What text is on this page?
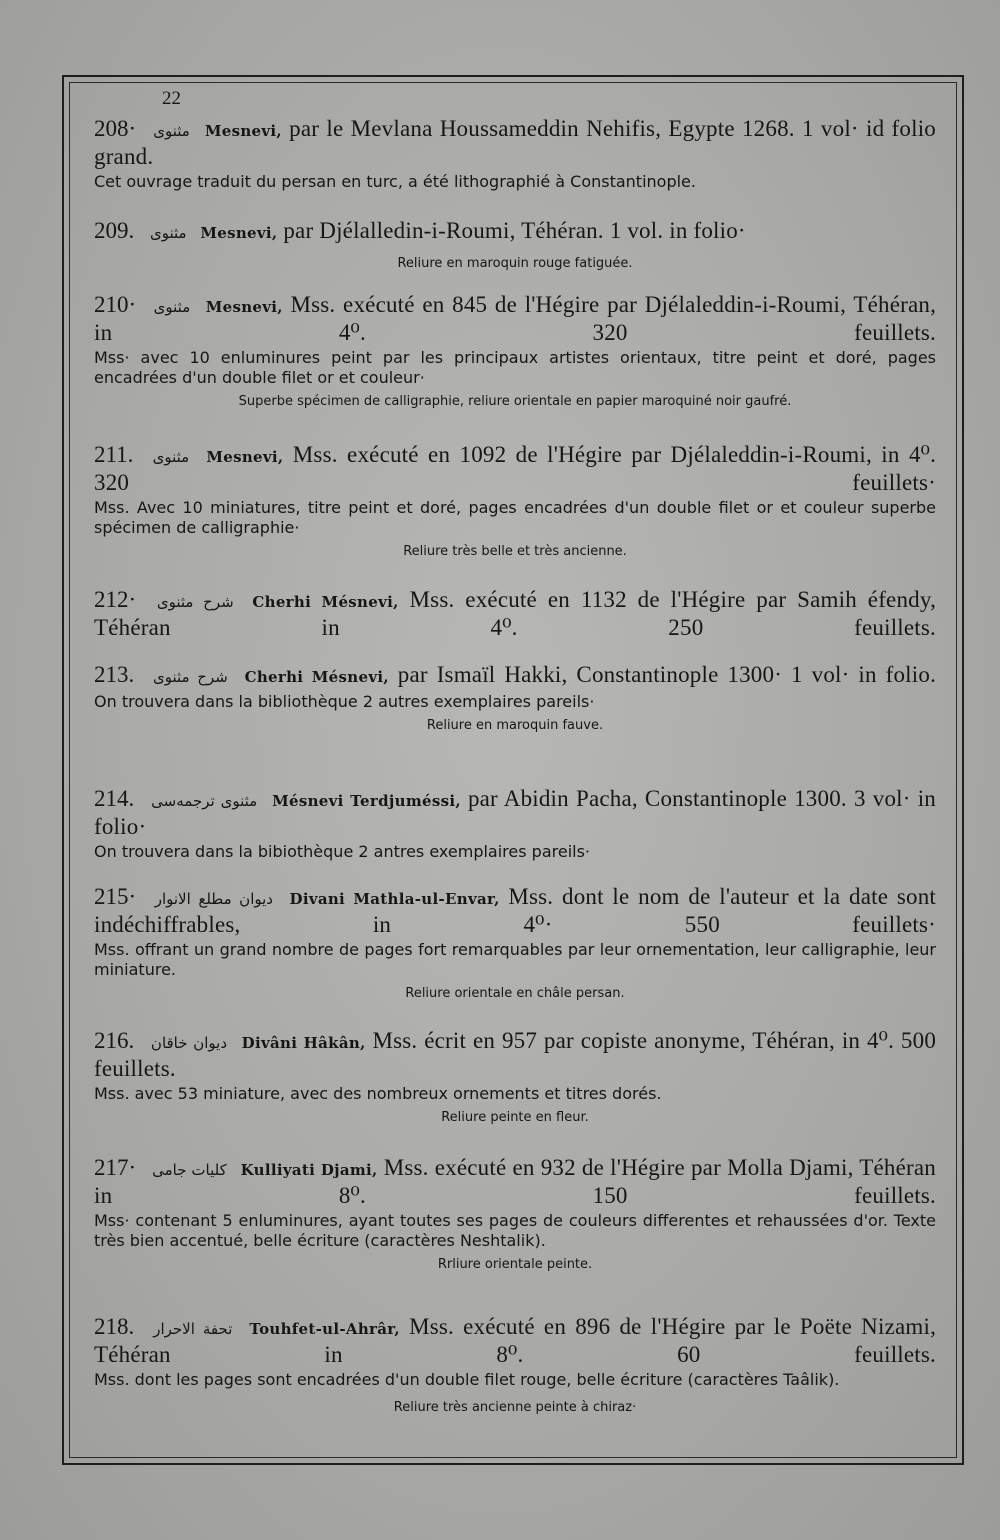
22
208· مثنوى Mesnevi, par le Mevlana Houssameddin Nehifis, Egypte 1268. 1 vol· id folio grand.
Cet ouvrage traduit du persan en turc, a été lithographié à Constantinople.
209. مثنوى Mesnevi, par Djélalledin-i-Roumi, Téhéran. 1 vol. in folio·
Reliure en maroquin rouge fatiguée.
210· مثنوى Mesnevi, Mss. exécuté en 845 de l'Hégire par Djélaleddin-i-Roumi, Téhéran, in 4⁰. 320 feuillets.
Mss· avec 10 enluminures peint par les principaux artistes orientaux, titre peint et doré, pages encadrées d'un double filet or et couleur·
Superbe spécimen de calligraphie, reliure orientale en papier maroquiné noir gaufré.
211. مثنوى Mesnevi, Mss. exécuté en 1092 de l'Hégire par Djélaleddin-i-Roumi, in 4⁰. 320 feuillets·
Mss. Avec 10 miniatures, titre peint et doré, pages encadrées d'un double filet or et couleur superbe spécimen de calligraphie·
Reliure très belle et très ancienne.
212· شرح مثنوى Cherhi Mésnevi, Mss. exécuté en 1132 de l'Hégire par Samih éfendy, Téhéran in 4⁰. 250 feuillets.
213. شرح مثنوى Cherhi Mésnevi, par Ismaïl Hakki, Constantinople 1300· 1 vol· in folio.
On trouvera dans la bibliothèque 2 autres exemplaires pareils·
Reliure en maroquin fauve.
214. مثنوى ترجمه‌سى Mésnevi Terdjuméssi, par Abidin Pacha, Constantinople 1300. 3 vol· in folio·
On trouvera dans la bibiothèque 2 antres exemplaires pareils·
215· ديوان مطلع الانوار Divani Mathla-ul-Envar, Mss. dont le nom de l'auteur et la date sont indéchiffrables, in 4⁰· 550 feuillets·
Mss. offrant un grand nombre de pages fort remarquables par leur ornementation, leur calligraphie, leur miniature.
Reliure orientale en châle persan.
216. ديوان خاقان Divâni Hâkân, Mss. écrit en 957 par copiste anonyme, Téhéran, in 4⁰. 500 feuillets.
Mss. avec 53 miniature, avec des nombreux ornements et titres dorés.
Reliure peinte en fleur.
217· كليات جامى Kulliyati Djami, Mss. exécuté en 932 de l'Hégire par Molla Djami, Téhéran in 8⁰. 150 feuillets.
Mss· contenant 5 enluminures, ayant toutes ses pages de couleurs differentes et rehaussées d'or. Texte très bien accentué, belle écriture (caractères Neshtalik).
Rrliure orientale peinte.
218. تحفة الاحرار Touhfet-ul-Ahrâr, Mss. exécuté en 896 de l'Hégire par le Poëte Nizami, Téhéran in 8⁰. 60 feuillets.
Mss. dont les pages sont encadrées d'un double filet rouge, belle écriture (caractères Taâlik).
Reliure très ancienne peinte à chiraz·
